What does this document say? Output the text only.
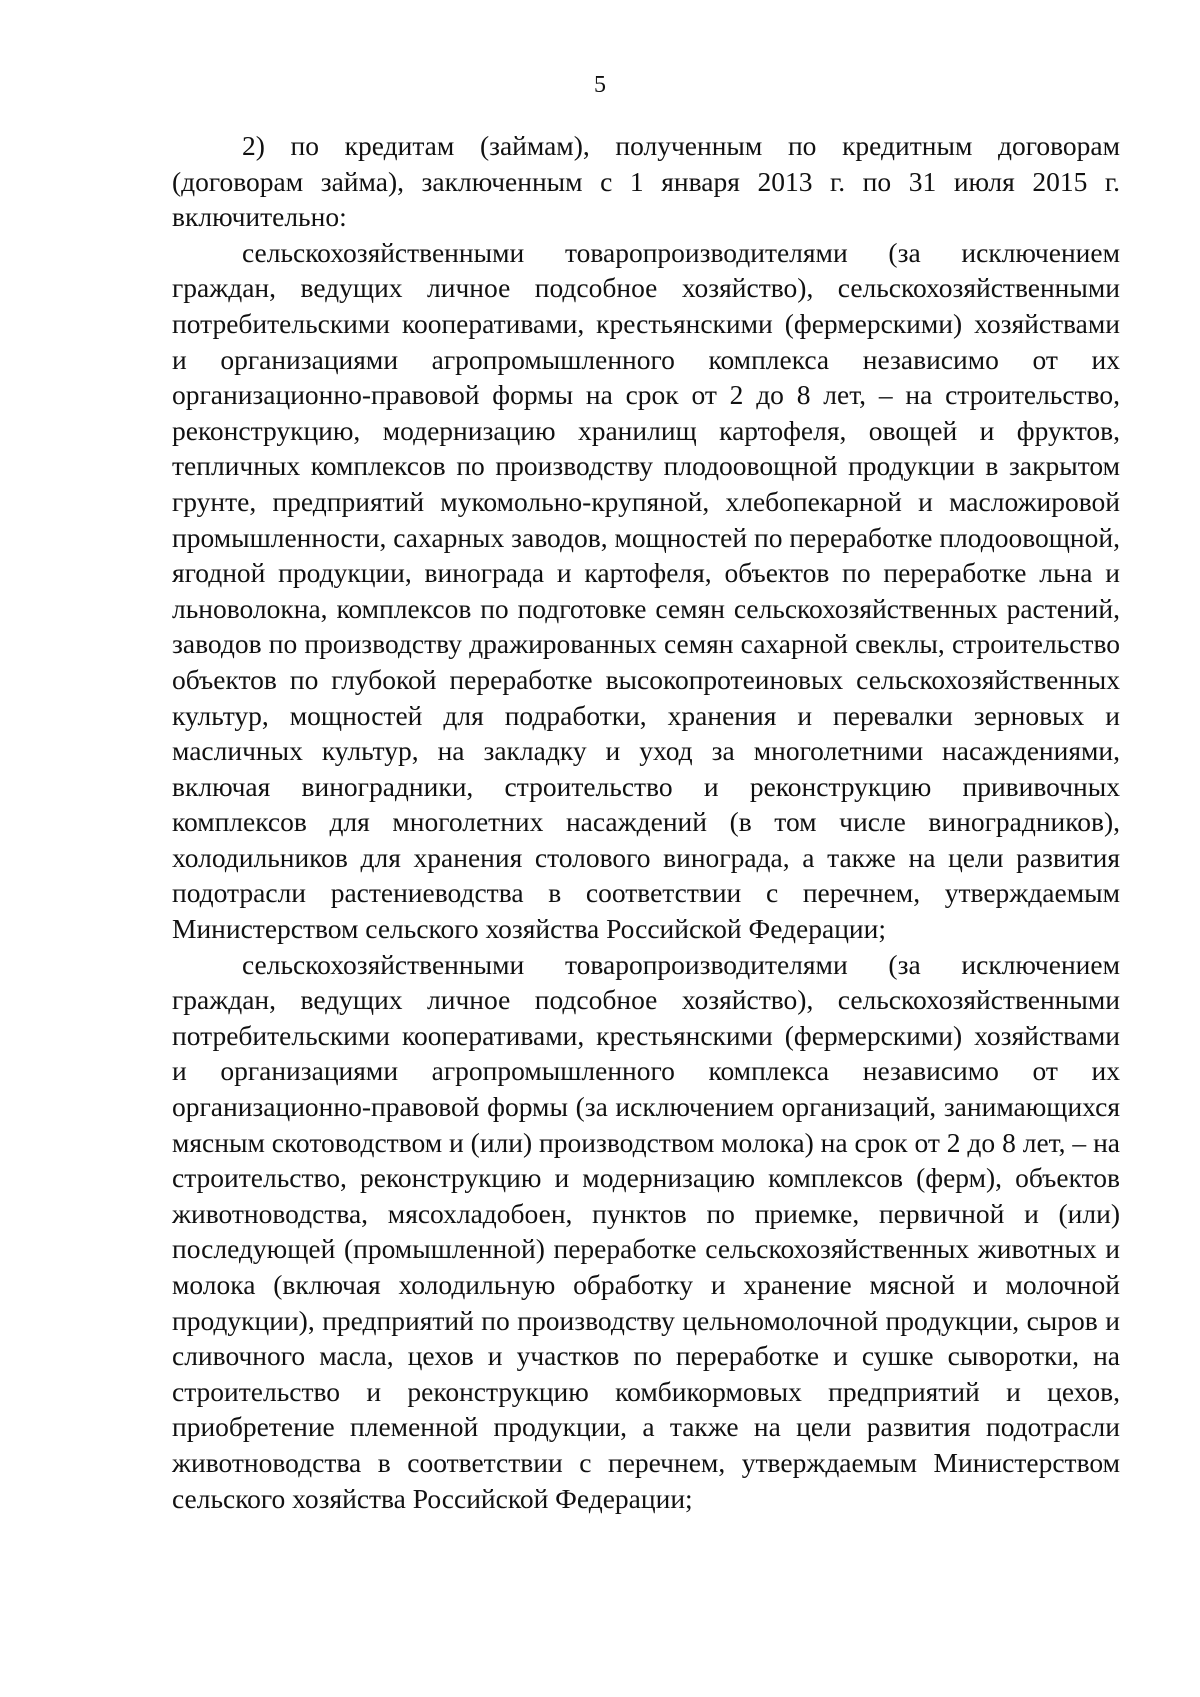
5

2) по кредитам (займам), полученным по кредитным договорам (договорам займа), заключенным с 1 января 2013 г. по 31 июля 2015 г. включительно:

сельскохозяйственными товаропроизводителями (за исключением граждан, ведущих личное подсобное хозяйство), сельскохозяйственными потребительскими кооперативами, крестьянскими (фермерскими) хозяйствами и организациями агропромышленного комплекса независимо от их организационно-правовой формы на срок от 2 до 8 лет, – на строительство, реконструкцию, модернизацию хранилищ картофеля, овощей и фруктов, тепличных комплексов по производству плодоовощной продукции в закрытом грунте, предприятий мукомольно-крупяной, хлебопекарной и масложировой промышленности, сахарных заводов, мощностей по переработке плодоовощной, ягодной продукции, винограда и картофеля, объектов по переработке льна и льноволокна, комплексов по подготовке семян сельскохозяйственных растений, заводов по производству дражированных семян сахарной свеклы, строительство объектов по глубокой переработке высокопротеиновых сельскохозяйственных культур, мощностей для подработки, хранения и перевалки зерновых и масличных культур, на закладку и уход за многолетними насаждениями, включая виноградники, строительство и реконструкцию прививочных комплексов для многолетних насаждений (в том числе виноградников), холодильников для хранения столового винограда, а также на цели развития подотрасли растениеводства в соответствии с перечнем, утверждаемым Министерством сельского хозяйства Российской Федерации;

сельскохозяйственными товаропроизводителями (за исключением граждан, ведущих личное подсобное хозяйство), сельскохозяйственными потребительскими кооперативами, крестьянскими (фермерскими) хозяйствами и организациями агропромышленного комплекса независимо от их организационно-правовой формы (за исключением организаций, занимающихся мясным скотоводством и (или) производством молока) на срок от 2 до 8 лет, – на строительство, реконструкцию и модернизацию комплексов (ферм), объектов животноводства, мясохладобоен, пунктов по приемке, первичной и (или) последующей (промышленной) переработке сельскохозяйственных животных и молока (включая холодильную обработку и хранение мясной и молочной продукции), предприятий по производству цельномолочной продукции, сыров и сливочного масла, цехов и участков по переработке и сушке сыворотки, на строительство и реконструкцию комбикормовых предприятий и цехов, приобретение племенной продукции, а также на цели развития подотрасли животноводства в соответствии с перечнем, утверждаемым Министерством сельского хозяйства Российской Федерации;
